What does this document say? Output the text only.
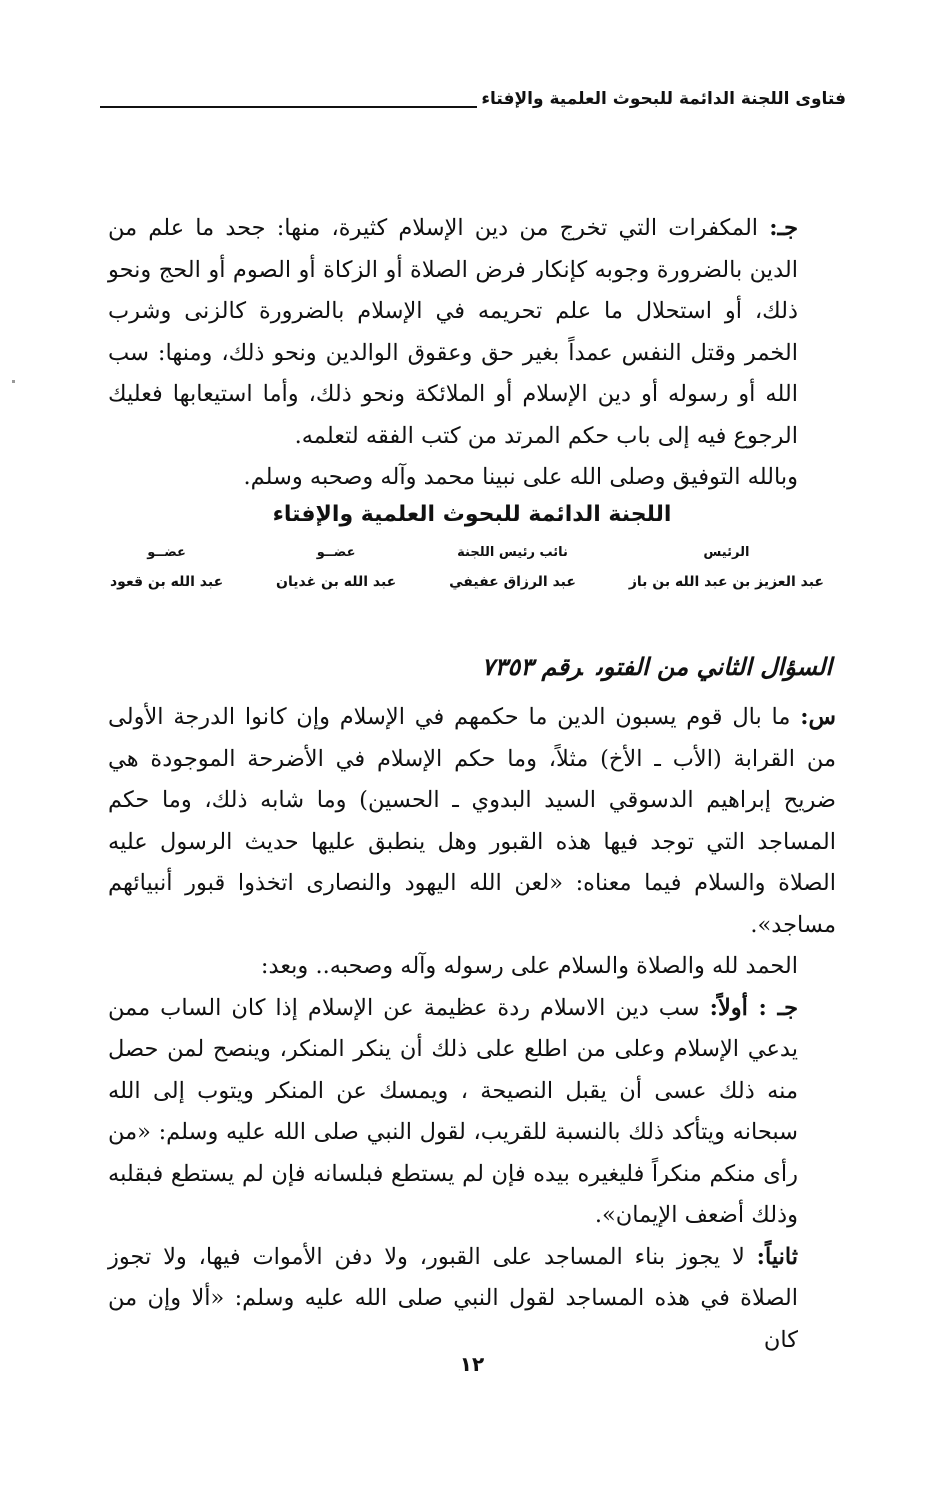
فتاوى اللجنة الدائمة للبحوث العلمية والإفتاء

جـ: المكفرات التي تخرج من دين الإسلام كثيرة، منها: جحد ما علم من الدين بالضرورة وجوبه كإنكار فرض الصلاة أو الزكاة أو الصوم أو الحج ونحو ذلك، أو استحلال ما علم تحريمه في الإسلام بالضرورة كالزنى وشرب الخمر وقتل النفس عمداً بغير حق وعقوق الوالدين ونحو ذلك، ومنها: سب الله أو رسوله أو دين الإسلام أو الملائكة ونحو ذلك، وأما استيعابها فعليك الرجوع فيه إلى باب حكم المرتد من كتب الفقه لتعلمه.

وبالله التوفيق وصلى الله على نبينا محمد وآله وصحبه وسلم.

اللجنة الدائمة للبحوث العلمية والإفتاء
الرئيس
عبد العزيز بن عبد الله بن باز
نائب رئيس اللجنة
عبد الرزاق عفيفي
عضــو
عبد الله بن غديان
عضــو
عبد الله بن قعود
السؤال الثاني من الفتوىرقم ٧٣٥٣

س: ما بال قوم يسبون الدين ما حكمهم في الإسلام وإن كانوا الدرجة الأولى من القرابة (الأب ـ الأخ) مثلاً، وما حكم الإسلام في الأضرحة الموجودة هي ضريح إبراهيم الدسوقي السيد البدوي ـ الحسين) وما شابه ذلك، وما حكم المساجد التي توجد فيها هذه القبور وهل ينطبق عليها حديث الرسول عليه الصلاة والسلام فيما معناه: «لعن الله اليهود والنصارى اتخذوا قبور أنبيائهم مساجد».

الحمد لله والصلاة والسلام على رسوله وآله وصحبه.. وبعد:

جـ : أولاً: سب دين الاسلام ردة عظيمة عن الإسلام إذا كان الساب ممن يدعي الإسلام وعلى من اطلع على ذلك أن ينكر المنكر، وينصح لمن حصل منه ذلك عسى أن يقبل النصيحة ، ويمسك عن المنكر ويتوب إلى الله سبحانه ويتأكد ذلك بالنسبة للقريب، لقول النبي صلى الله عليه وسلم: «من رأى منكم منكراً فليغيره بيده فإن لم يستطع فبلسانه فإن لم يستطع فبقلبه وذلك أضعف الإيمان».

ثانياً: لا يجوز بناء المساجد على القبور، ولا دفن الأموات فيها، ولا تجوز الصلاة في هذه المساجد لقول النبي صلى الله عليه وسلم: «ألا وإن من كان

١٢
